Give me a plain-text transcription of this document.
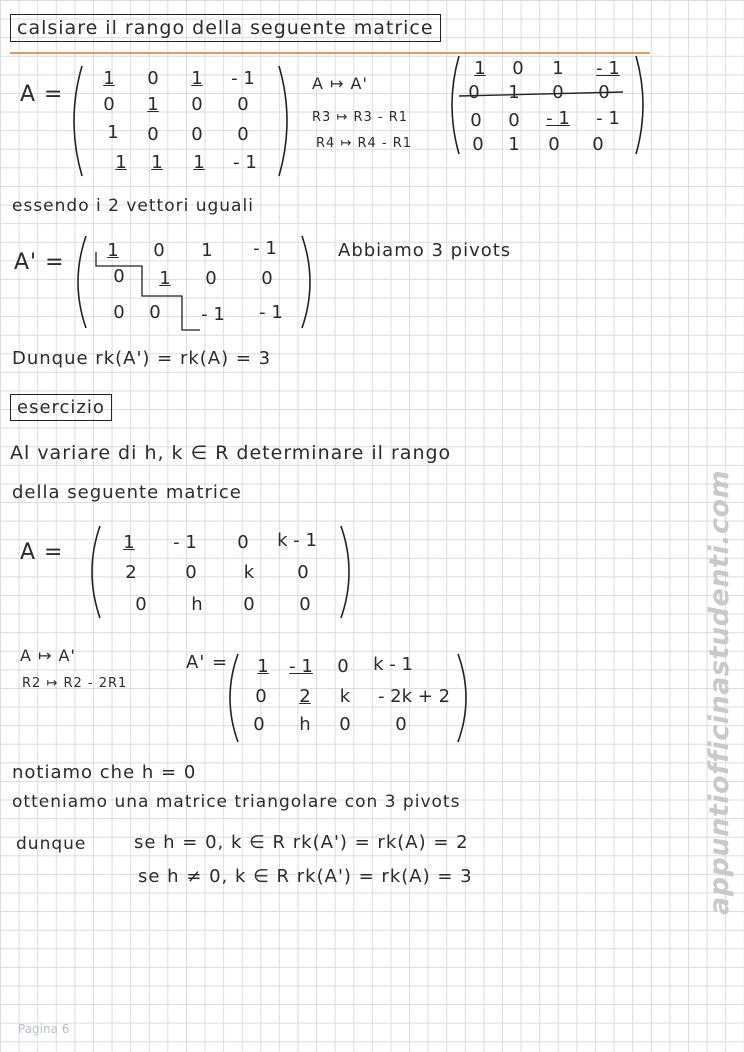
calsiare il rango della seguente matrice
A =
1	0	1	- 1
0	1	0	0
1	0	0	0
1	1	1	- 1
A ↦ A'
R3 ↦ R3 - R1
R4 ↦ R4 - R1
1	0	1	- 1
0	1	0	0
0	0	- 1	- 1
0	1	0	0
essendo i 2 vettori uguali
A' =	1	0	1	- 1
0	1	0	0
0	0	- 1	- 1
Abbiamo 3 pivots
Dunque rk(A') = rk(A) = 3
esercizio
Al variare di h, k ∈ R determinare il rango
della seguente matrice
A =	1	- 1	0	k - 1
2	0	k	0
0	h	0	0
A ↦ A'
R2 ↦ R2 - 2R1
A' =	1	- 1	0	k - 1
0	2	k	- 2k + 2
0	h	0	0
notiamo che h = 0
otteniamo una matrice triangolare con 3 pivots
dunque	se h = 0, k ∈ R rk(A') = rk(A) = 2
se h ≠ 0, k ∈ R rk(A') = rk(A) = 3	appuntiofficinastudenti.com
Pagina 6
